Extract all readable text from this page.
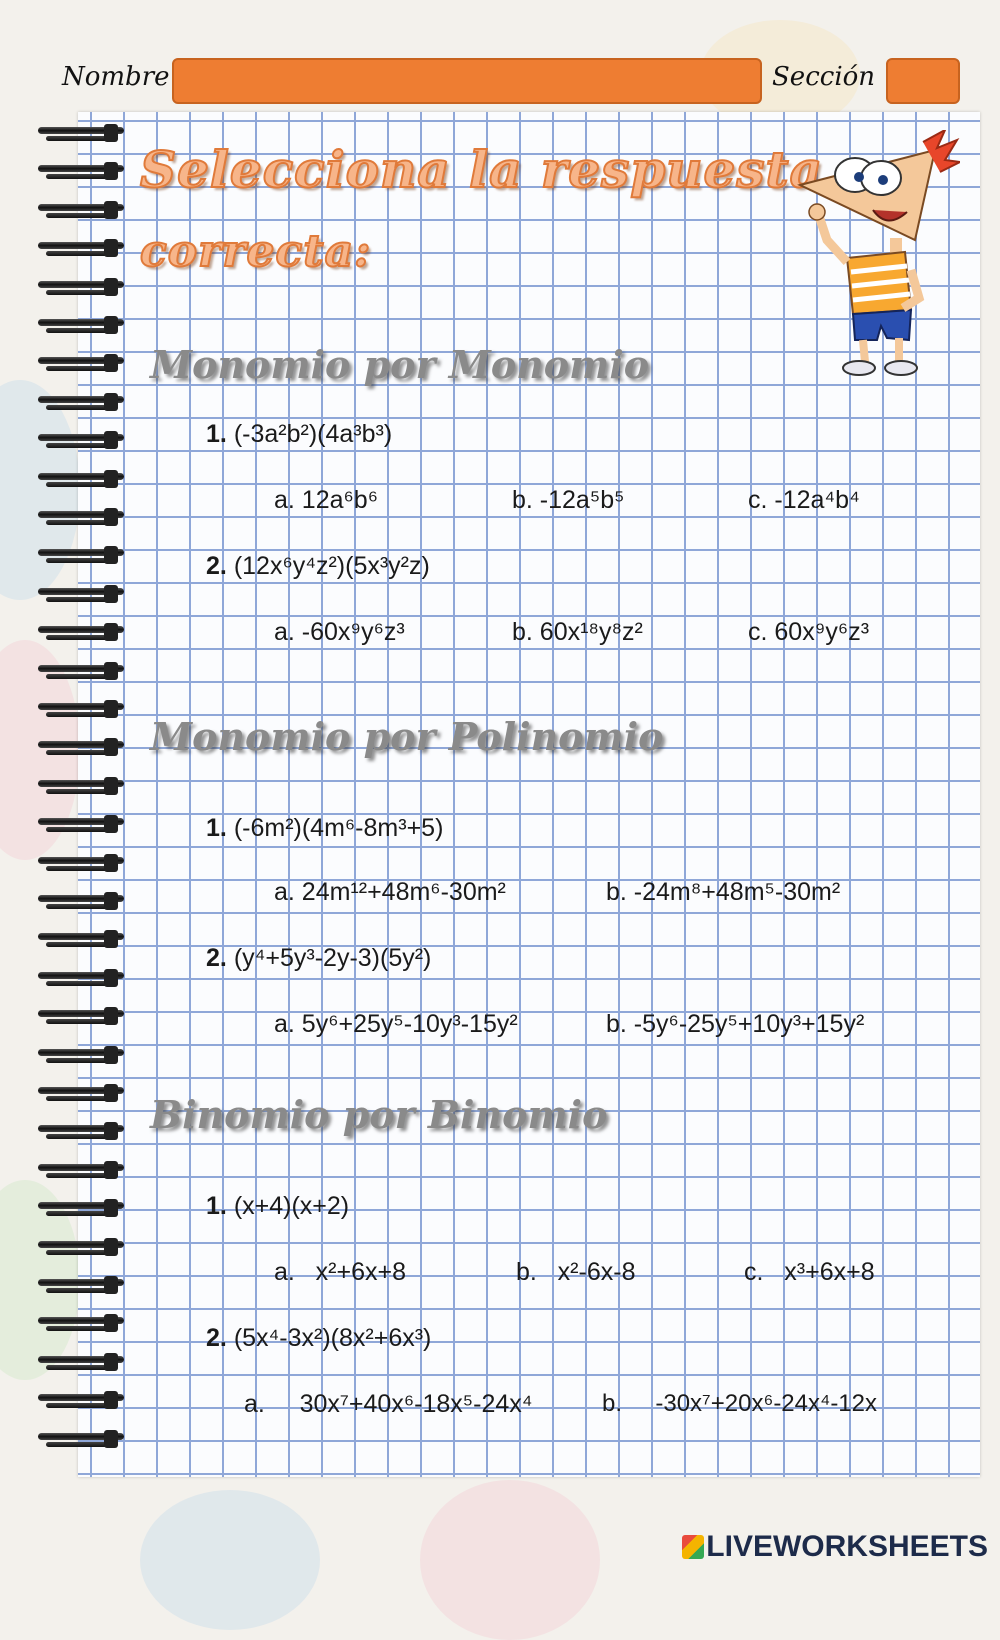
Nombre	Sección
Selecciona la respuesta
correcta:
Monomio por Monomio
1. (-3a²b²)(4a³b³)
a. 12a⁶b⁶	b. -12a⁵b⁵	c. -12a⁴b⁴
2. (12x⁶y⁴z²)(5x³y²z)
a. -60x⁹y⁶z³	b. 60x¹⁸y⁸z²	c. 60x⁹y⁶z³
Monomio por Polinomio
1. (-6m²)(4m⁶-8m³+5)
a. 24m¹²+48m⁶-30m²	b. -24m⁸+48m⁵-30m²
2. (y⁴+5y³-2y-3)(5y²)
a. 5y⁶+25y⁵-10y³-15y²	b. -5y⁶-25y⁵+10y³+15y²
Binomio por Binomio
1. (x+4)(x+2)
a.   x²+6x+8	b.   x²-6x-8	c.   x³+6x+8
2. (5x⁴-3x²)(8x²+6x³)
a.     30x⁷+40x⁶-18x⁵-24x⁴	b.     -30x⁷+20x⁶-24x⁴-12x
LIVEWORKSHEETS
